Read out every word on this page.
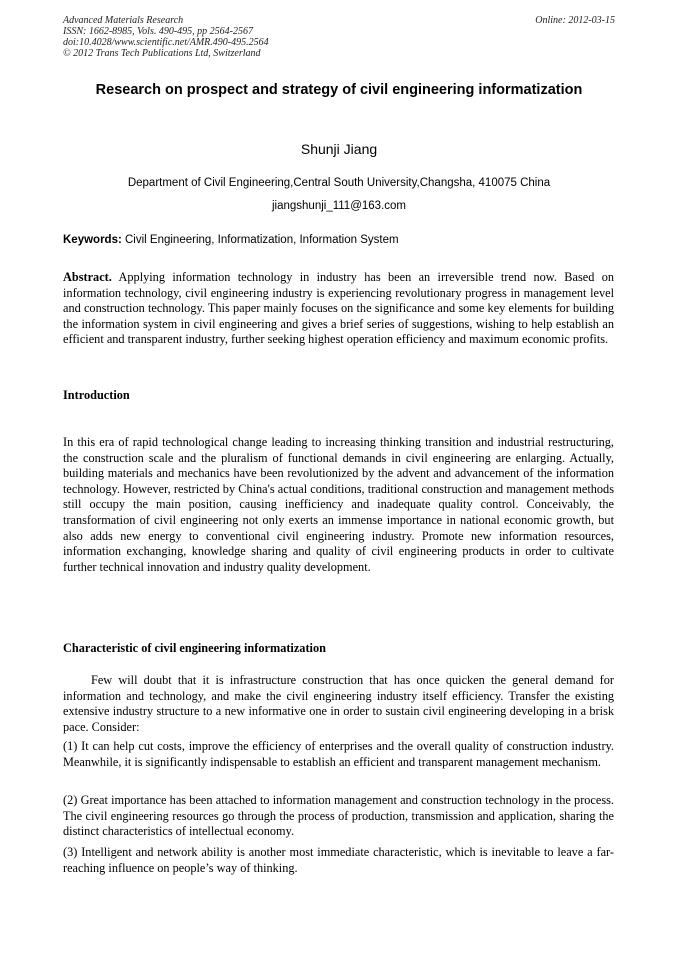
Advanced Materials Research
ISSN: 1662-8985, Vols. 490-495, pp 2564-2567
doi:10.4028/www.scientific.net/AMR.490-495.2564
© 2012 Trans Tech Publications Ltd, Switzerland
Online: 2012-03-15
Research on prospect and strategy of civil engineering informatization
Shunji Jiang
Department of Civil Engineering,Central South University,Changsha, 410075 China
jiangshunji_111@163.com
Keywords: Civil Engineering, Informatization, Information System
Abstract. Applying information technology in industry has been an irreversible trend now. Based on information technology, civil engineering industry is experiencing revolutionary progress in management level and construction technology. This paper mainly focuses on the significance and some key elements for building the information system in civil engineering and gives a brief series of suggestions, wishing to help establish an efficient and transparent industry, further seeking highest operation efficiency and maximum economic profits.
Introduction
In this era of rapid technological change leading to increasing thinking transition and industrial restructuring, the construction scale and the pluralism of functional demands in civil engineering are enlarging. Actually, building materials and mechanics have been revolutionized by the advent and advancement of the information technology. However, restricted by China's actual conditions, traditional construction and management methods still occupy the main position, causing inefficiency and inadequate quality control. Conceivably, the transformation of civil engineering not only exerts an immense importance in national economic growth, but also adds new energy to conventional civil engineering industry. Promote new information resources, information exchanging, knowledge sharing and quality of civil engineering products in order to cultivate further technical innovation and industry quality development.
Characteristic of civil engineering informatization
Few will doubt that it is infrastructure construction that has once quicken the general demand for information and technology, and make the civil engineering industry itself efficiency. Transfer the existing extensive industry structure to a new informative one in order to sustain civil engineering developing in a brisk pace. Consider:
(1) It can help cut costs, improve the efficiency of enterprises and the overall quality of construction industry. Meanwhile, it is significantly indispensable to establish an efficient and transparent management mechanism.
(2) Great importance has been attached to information management and construction technology in the process. The civil engineering resources go through the process of production, transmission and application, sharing the distinct characteristics of intellectual economy.
(3) Intelligent and network ability is another most immediate characteristic, which is inevitable to leave a far-reaching influence on people’s way of thinking.
